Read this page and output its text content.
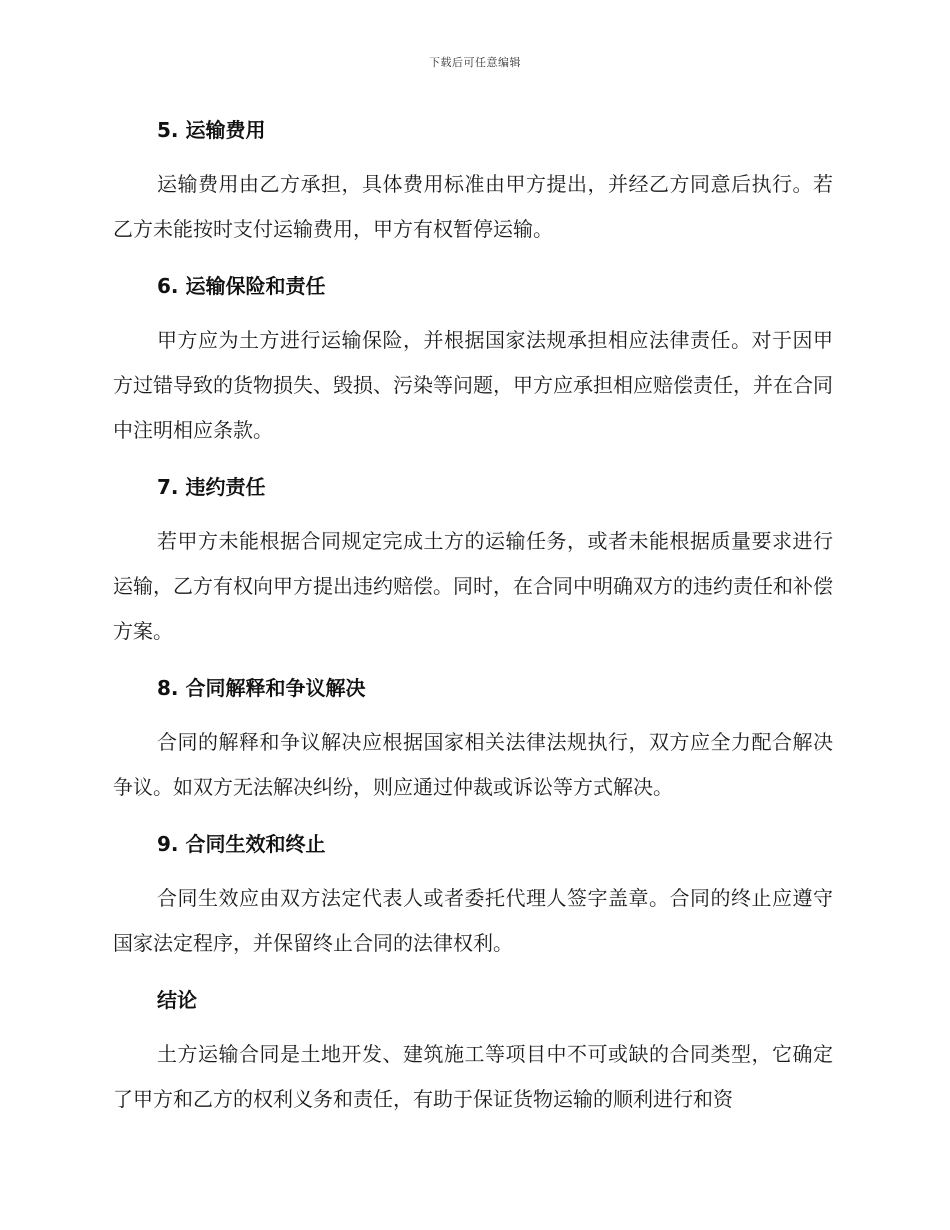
下载后可任意编辑
5. 运输费用

运输费用由乙方承担，具体费用标准由甲方提出，并经乙方同意后执行。若乙方未能按时支付运输费用，甲方有权暂停运输。

6. 运输保险和责任

甲方应为土方进行运输保险，并根据国家法规承担相应法律责任。对于因甲方过错导致的货物损失、毁损、污染等问题，甲方应承担相应赔偿责任，并在合同中注明相应条款。

7. 违约责任

若甲方未能根据合同规定完成土方的运输任务，或者未能根据质量要求进行运输，乙方有权向甲方提出违约赔偿。同时，在合同中明确双方的违约责任和补偿方案。

8. 合同解释和争议解决

合同的解释和争议解决应根据国家相关法律法规执行，双方应全力配合解决争议。如双方无法解决纠纷，则应通过仲裁或诉讼等方式解决。

9. 合同生效和终止

合同生效应由双方法定代表人或者委托代理人签字盖章。合同的终止应遵守国家法定程序，并保留终止合同的法律权利。

结论

土方运输合同是土地开发、建筑施工等项目中不可或缺的合同类型，它确定了甲方和乙方的权利义务和责任，有助于保证货物运输的顺利进行和资
